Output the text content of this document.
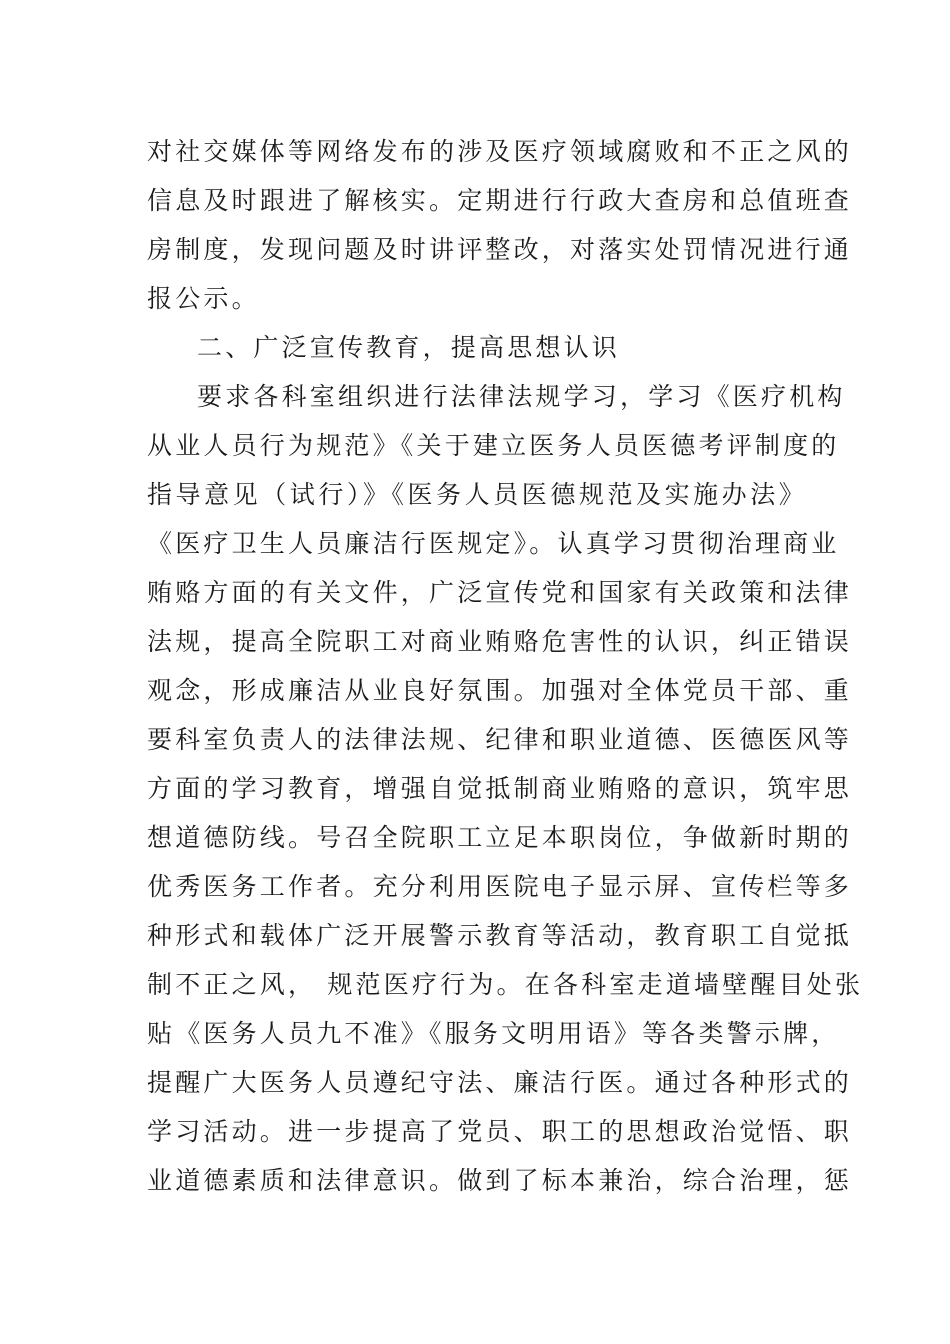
对社交媒体等网络发布的涉及医疗领域腐败和不正之风的
信息及时跟进了解核实。定期进行行政大查房和总值班查
房制度，发现问题及时讲评整改，对落实处罚情况进行通
报公示。
二、广泛宣传教育，提高思想认识
要求各科室组织进行法律法规学习，学习《医疗机构
从业人员行为规范》《关于建立医务人员医德考评制度的
指导意见（试行）》《医务人员医德规范及实施办法》
《医疗卫生人员廉洁行医规定》。认真学习贯彻治理商业
贿赂方面的有关文件，广泛宣传党和国家有关政策和法律
法规，提高全院职工对商业贿赂危害性的认识，纠正错误
观念，形成廉洁从业良好氛围。加强对全体党员干部、重
要科室负责人的法律法规、纪律和职业道德、医德医风等
方面的学习教育，增强自觉抵制商业贿赂的意识，筑牢思
想道德防线。号召全院职工立足本职岗位，争做新时期的
优秀医务工作者。充分利用医院电子显示屏、宣传栏等多
种形式和载体广泛开展警示教育等活动，教育职工自觉抵
制不正之风， 规范医疗行为。在各科室走道墙壁醒目处张
贴《医务人员九不准》《服务文明用语》等各类警示牌，
提醒广大医务人员遵纪守法、廉洁行医。通过各种形式的
学习活动。进一步提高了党员、职工的思想政治觉悟、职
业道德素质和法律意识。做到了标本兼治，综合治理，惩
